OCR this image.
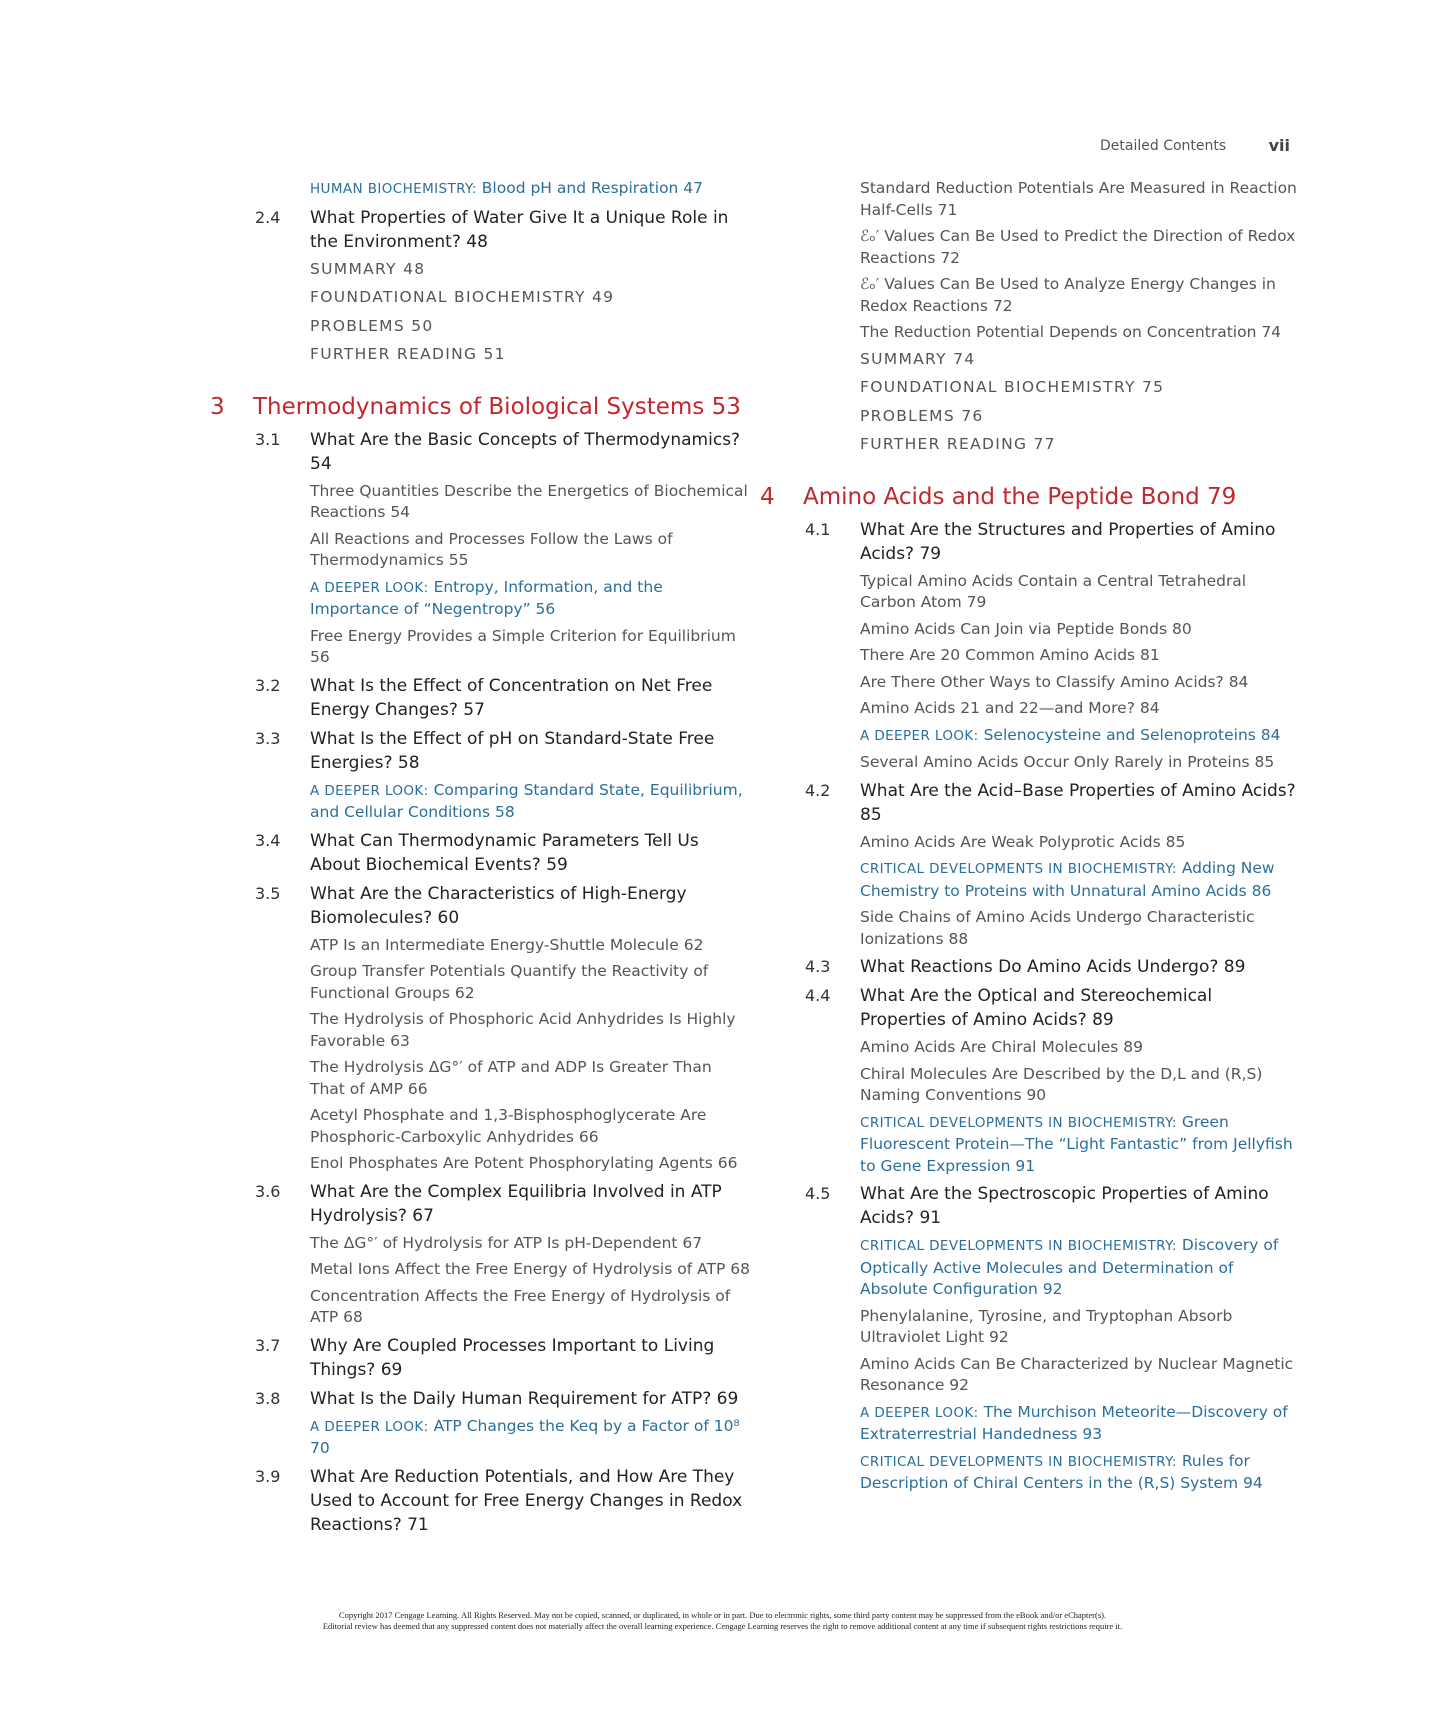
Detailed Contents	vii
HUMAN BIOCHEMISTRY: Blood pH and Respiration 47
2.4 What Properties of Water Give It a Unique Role in the Environment? 48
SUMMARY 48
FOUNDATIONAL BIOCHEMISTRY 49
PROBLEMS 50
FURTHER READING 51
3 Thermodynamics of Biological Systems 53
3.1 What Are the Basic Concepts of Thermodynamics? 54
Three Quantities Describe the Energetics of Biochemical Reactions 54
All Reactions and Processes Follow the Laws of Thermodynamics 55
A DEEPER LOOK: Entropy, Information, and the Importance of “Negentropy” 56
Free Energy Provides a Simple Criterion for Equilibrium 56
3.2 What Is the Effect of Concentration on Net Free Energy Changes? 57
3.3 What Is the Effect of pH on Standard-State Free Energies? 58
A DEEPER LOOK: Comparing Standard State, Equilibrium, and Cellular Conditions 58
3.4 What Can Thermodynamic Parameters Tell Us About Biochemical Events? 59
3.5 What Are the Characteristics of High-Energy Biomolecules? 60
ATP Is an Intermediate Energy-Shuttle Molecule 62
Group Transfer Potentials Quantify the Reactivity of Functional Groups 62
The Hydrolysis of Phosphoric Acid Anhydrides Is Highly Favorable 63
The Hydrolysis ΔG°′ of ATP and ADP Is Greater Than That of AMP 66
Acetyl Phosphate and 1,3-Bisphosphoglycerate Are Phosphoric-Carboxylic Anhydrides 66
Enol Phosphates Are Potent Phosphorylating Agents 66
3.6 What Are the Complex Equilibria Involved in ATP Hydrolysis? 67
The ΔG°′ of Hydrolysis for ATP Is pH-Dependent 67
Metal Ions Affect the Free Energy of Hydrolysis of ATP 68
Concentration Affects the Free Energy of Hydrolysis of ATP 68
3.7 Why Are Coupled Processes Important to Living Things? 69
3.8 What Is the Daily Human Requirement for ATP? 69
A DEEPER LOOK: ATP Changes the Keq by a Factor of 10⁸ 70
3.9 What Are Reduction Potentials, and How Are They Used to Account for Free Energy Changes in Redox Reactions? 71
Standard Reduction Potentials Are Measured in Reaction Half-Cells 71
ℰₒ′ Values Can Be Used to Predict the Direction of Redox Reactions 72
ℰₒ′ Values Can Be Used to Analyze Energy Changes in Redox Reactions 72
The Reduction Potential Depends on Concentration 74
SUMMARY 74
FOUNDATIONAL BIOCHEMISTRY 75
PROBLEMS 76
FURTHER READING 77
4 Amino Acids and the Peptide Bond 79
4.1 What Are the Structures and Properties of Amino Acids? 79
Typical Amino Acids Contain a Central Tetrahedral Carbon Atom 79
Amino Acids Can Join via Peptide Bonds 80
There Are 20 Common Amino Acids 81
Are There Other Ways to Classify Amino Acids? 84
Amino Acids 21 and 22—and More? 84
A DEEPER LOOK: Selenocysteine and Selenoproteins 84
Several Amino Acids Occur Only Rarely in Proteins 85
4.2 What Are the Acid–Base Properties of Amino Acids? 85
Amino Acids Are Weak Polyprotic Acids 85
CRITICAL DEVELOPMENTS IN BIOCHEMISTRY: Adding New Chemistry to Proteins with Unnatural Amino Acids 86
Side Chains of Amino Acids Undergo Characteristic Ionizations 88
4.3 What Reactions Do Amino Acids Undergo? 89
4.4 What Are the Optical and Stereochemical Properties of Amino Acids? 89
Amino Acids Are Chiral Molecules 89
Chiral Molecules Are Described by the D,L and (R,S) Naming Conventions 90
CRITICAL DEVELOPMENTS IN BIOCHEMISTRY: Green Fluorescent Protein—The “Light Fantastic” from Jellyfish to Gene Expression 91
4.5 What Are the Spectroscopic Properties of Amino Acids? 91
CRITICAL DEVELOPMENTS IN BIOCHEMISTRY: Discovery of Optically Active Molecules and Determination of Absolute Configuration 92
Phenylalanine, Tyrosine, and Tryptophan Absorb Ultraviolet Light 92
Amino Acids Can Be Characterized by Nuclear Magnetic Resonance 92
A DEEPER LOOK: The Murchison Meteorite—Discovery of Extraterrestrial Handedness 93
CRITICAL DEVELOPMENTS IN BIOCHEMISTRY: Rules for Description of Chiral Centers in the (R,S) System 94
Copyright 2017 Cengage Learning. All Rights Reserved. May not be copied, scanned, or duplicated, in whole or in part. Due to electronic rights, some third party content may be suppressed from the eBook and/or eChapter(s).
Editorial review has deemed that any suppressed content does not materially affect the overall learning experience. Cengage Learning reserves the right to remove additional content at any time if subsequent rights restrictions require it.
